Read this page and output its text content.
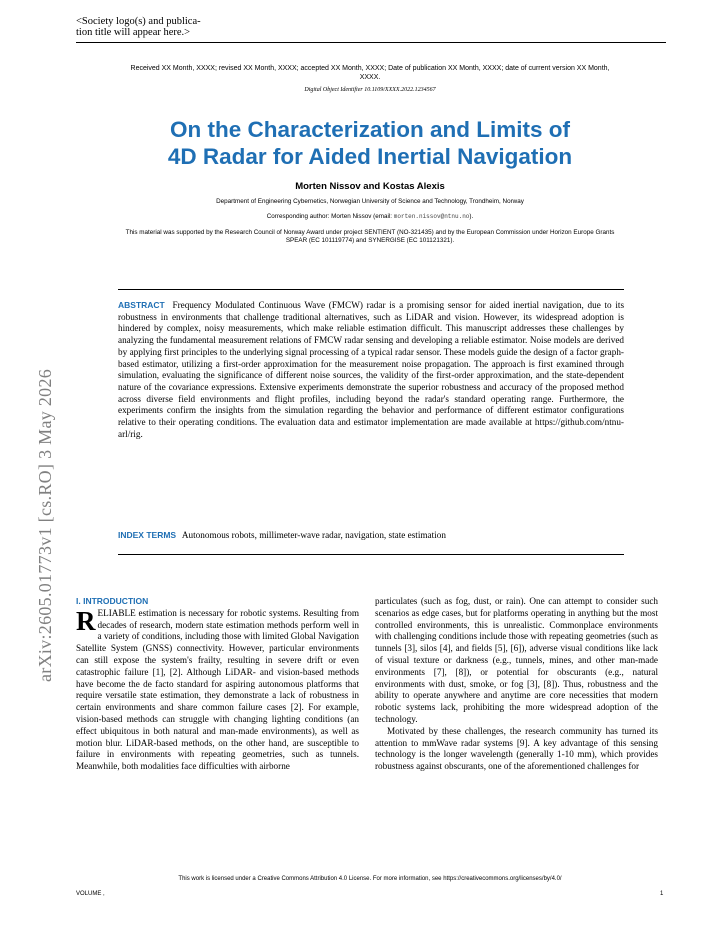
<Society logo(s) and publica-
tion title will appear here.>
arXiv:2605.01773v1 [cs.RO] 3 May 2026
Received XX Month, XXXX; revised XX Month, XXXX; accepted XX Month, XXXX; Date of publication XX Month, XXXX; date of current version XX Month, XXXX.
Digital Object Identifier 10.1109/XXXX.2022.1234567
On the Characterization and Limits of
4D Radar for Aided Inertial Navigation
Morten Nissov and Kostas Alexis
Department of Engineering Cybernetics, Norwegian University of Science and Technology, Trondheim, Norway
Corresponding author: Morten Nissov (email: morten.nissov@ntnu.no).
This material was supported by the Research Council of Norway Award under project SENTIENT (NO-321435) and by the European Commission under Horizon Europe Grants SPEAR (EC 101119774) and SYNERGISE (EC 101121321).

ABSTRACT Frequency Modulated Continuous Wave (FMCW) radar is a promising sensor for aided inertial navigation, due to its robustness in environments that challenge traditional alternatives, such as LiDAR and vision. However, its widespread adoption is hindered by complex, noisy measurements, which make reliable estimation difficult. This manuscript addresses these challenges by analyzing the fundamental measurement relations of FMCW radar sensing and developing a reliable estimator. Noise models are derived by applying first principles to the underlying signal processing of a typical radar sensor. These models guide the design of a factor graph-based estimator, utilizing a first-order approximation for the measurement noise propagation. The approach is first examined through simulation, evaluating the significance of different noise sources, the validity of the first-order approximation, and the state-dependent nature of the covariance expressions. Extensive experiments demonstrate the superior robustness and accuracy of the proposed method across diverse field environments and flight profiles, including beyond the radar's standard operating range. Furthermore, the experiments confirm the insights from the simulation regarding the behavior and performance of different estimator configurations relative to their operating conditions. The evaluation data and estimator implementation are made available at https://github.com/ntnu-arl/rig.

INDEX TERMS Autonomous robots, millimeter-wave radar, navigation, state estimation
I. INTRODUCTION

RELIABLE estimation is necessary for robotic systems. Resulting from decades of research, modern state estimation methods perform well in a variety of conditions, including those with limited Global Navigation Satellite System (GNSS) connectivity. However, particular environments can still expose the system's frailty, resulting in severe drift or even catastrophic failure [1], [2]. Although LiDAR- and vision-based methods have become the de facto standard for aspiring autonomous platforms that require versatile state estimation, they demonstrate a lack of robustness in certain environments and share common failure cases [2]. For example, vision-based methods can struggle with changing lighting conditions (an effect ubiquitous in both natural and man-made environments), as well as motion blur. LiDAR-based methods, on the other hand, are susceptible to failure in environments with repeating geometries, such as tunnels. Meanwhile, both modalities face difficulties with airborne

particulates (such as fog, dust, or rain). One can attempt to consider such scenarios as edge cases, but for platforms operating in anything but the most controlled environments, this is unrealistic. Commonplace environments with challenging conditions include those with repeating geometries (such as tunnels [3], silos [4], and fields [5], [6]), adverse visual conditions like lack of visual texture or darkness (e.g., tunnels, mines, and other man-made environments [7], [8]), or potential for obscurants (e.g., natural environments with dust, smoke, or fog [3], [8]). Thus, robustness and the ability to operate anywhere and anytime are core necessities that modern robotic systems lack, prohibiting the more widespread adoption of the technology.

Motivated by these challenges, the research community has turned its attention to mmWave radar systems [9]. A key advantage of this sensing technology is the longer wavelength (generally 1-10 mm), which provides robustness against obscurants, one of the aforementioned challenges for

This work is licensed under a Creative Commons Attribution 4.0 License. For more information, see https://creativecommons.org/licenses/by/4.0/
VOLUME ,	1
